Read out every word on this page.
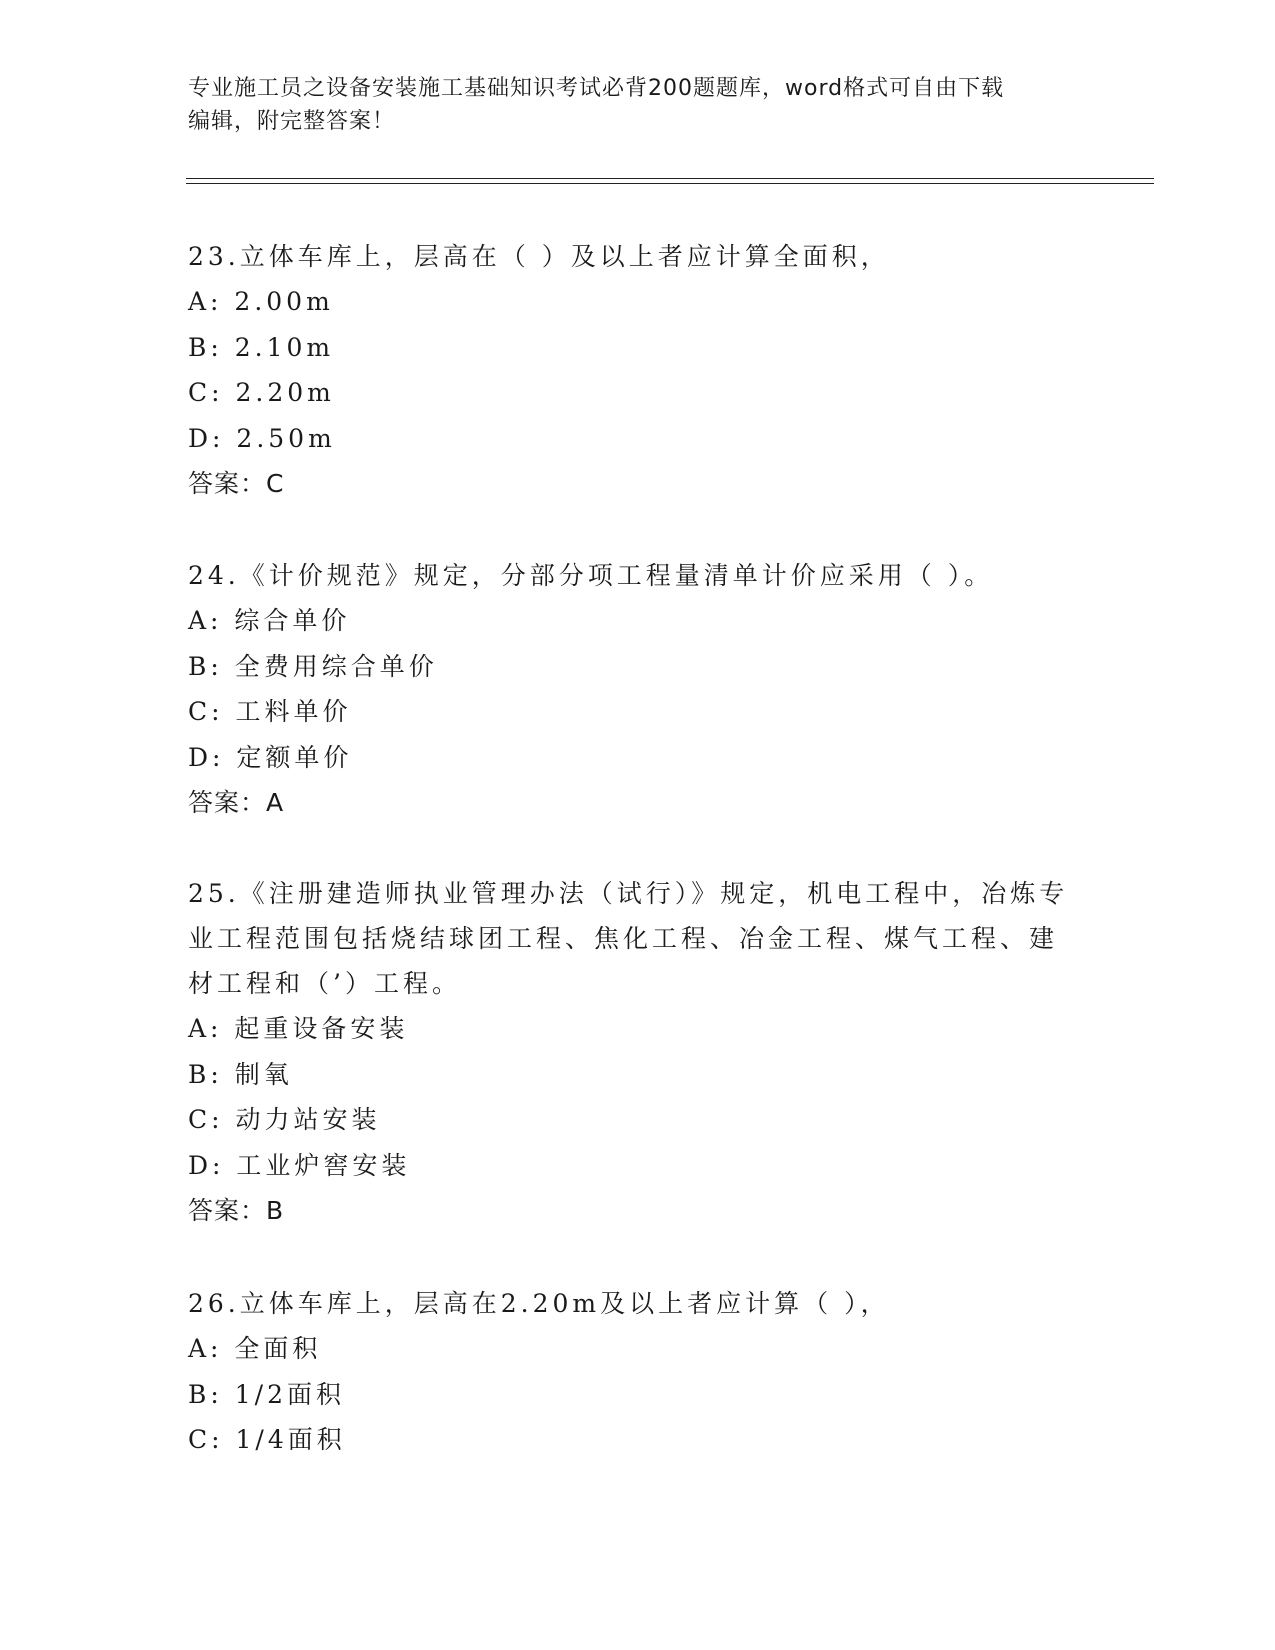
专业施工员之设备安装施工基础知识考试必背200题题库，word格式可自由下载
编辑，附完整答案！

23.立体车库上，层高在（ ）及以上者应计算全面积，

A: 2.00m

B: 2.10m

C: 2.20m

D: 2.50m

答案：C

24.《计价规范》规定，分部分项工程量清单计价应采用（ ）。

A: 综合单价

B: 全费用综合单价

C: 工料单价

D: 定额单价

答案：A

25.《注册建造师执业管理办法（试行）》规定，机电工程中，冶炼专

业工程范围包括烧结球团工程、焦化工程、冶金工程、煤气工程、建

材工程和（’）工程。

A: 起重设备安装

B: 制氧

C: 动力站安装

D: 工业炉窖安装

答案：B

26.立体车库上，层高在2.20m及以上者应计算（ ），

A: 全面积

B: 1/2面积

C: 1/4面积
